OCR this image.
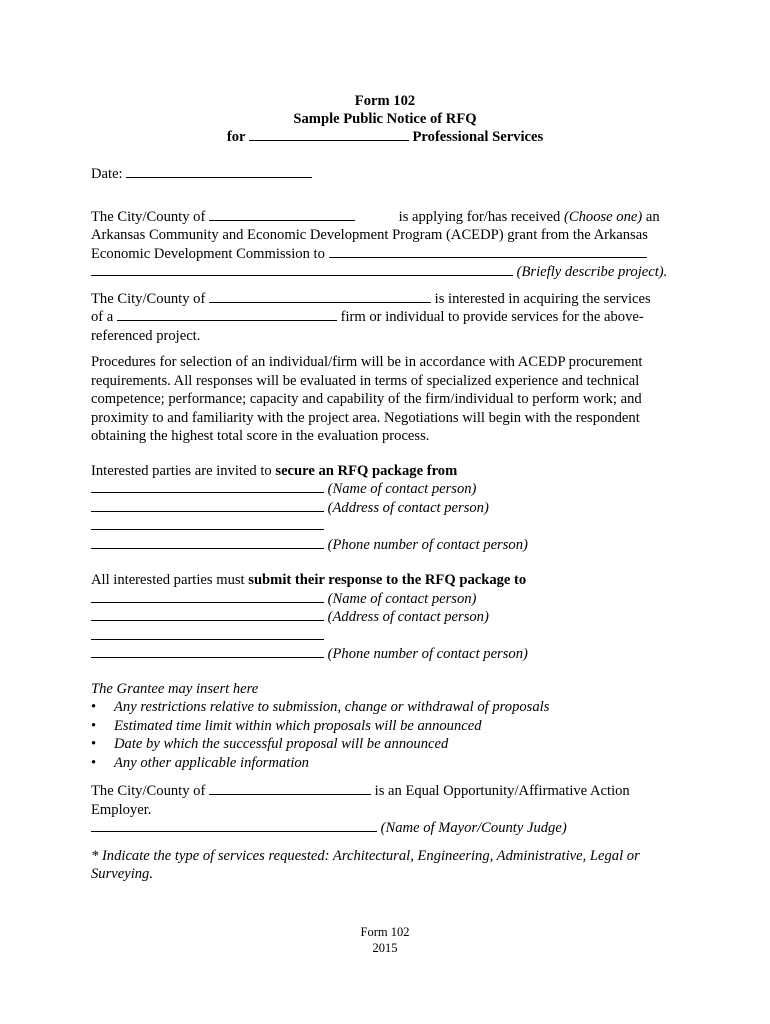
Form 102
Sample Public Notice of RFQ
for	Professional Services

Date:

The City/County of	is applying for/has received (Choose one) an

Arkansas Community and Economic Development Program (ACEDP) grant from the Arkansas

Economic Development Commission to

(Briefly describe project).

The City/County of	is interested in acquiring the services

of a	firm or individual to provide services for the above-

referenced project.

Procedures for selection of an individual/firm will be in accordance with ACEDP procurement

requirements. All responses will be evaluated in terms of specialized experience and technical

competence; performance; capacity and capability of the firm/individual to perform work; and

proximity to and familiarity with the project area. Negotiations will begin with the respondent

obtaining the highest total score in the evaluation process.

Interested parties are invited to secure an RFQ package from

(Name of contact person)

(Address of contact person)

(Phone number of contact person)

All interested parties must submit their response to the RFQ package to

(Name of contact person)

(Address of contact person)

(Phone number of contact person)

The Grantee may insert here

• Any restrictions relative to submission, change or withdrawal of proposals
• Estimated time limit within which proposals will be announced
• Date by which the successful proposal will be announced
• Any other applicable information

The City/County of	is an Equal Opportunity/Affirmative Action

Employer.

(Name of Mayor/County Judge)

* Indicate the type of services requested: Architectural, Engineering, Administrative, Legal or

Surveying.

Form 102
2015
